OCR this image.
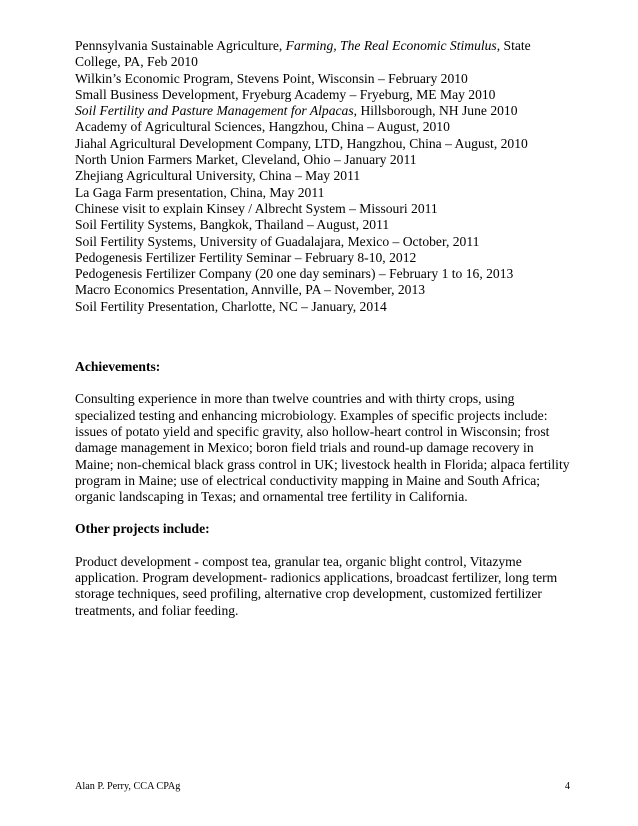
Pennsylvania Sustainable Agriculture, Farming, The Real Economic Stimulus, State College, PA, Feb 2010

Wilkin’s Economic Program, Stevens Point, Wisconsin – February 2010

Small Business Development, Fryeburg Academy – Fryeburg, ME May 2010

Soil Fertility and Pasture Management for Alpacas, Hillsborough, NH June 2010

Academy of Agricultural Sciences, Hangzhou, China – August, 2010

Jiahal Agricultural Development Company, LTD, Hangzhou, China – August, 2010

North Union Farmers Market, Cleveland, Ohio – January 2011

Zhejiang Agricultural University, China – May 2011

La Gaga Farm presentation, China, May 2011

Chinese visit to explain Kinsey / Albrecht System – Missouri 2011

Soil Fertility Systems, Bangkok, Thailand – August, 2011

Soil Fertility Systems, University of Guadalajara, Mexico – October, 2011

Pedogenesis Fertilizer Fertility Seminar – February 8-10, 2012

Pedogenesis Fertilizer Company (20 one day seminars) – February 1 to 16, 2013

Macro Economics Presentation, Annville, PA – November, 2013

Soil Fertility Presentation, Charlotte, NC – January, 2014

Achievements:

Consulting experience in more than twelve countries and with thirty crops, using specialized testing and enhancing microbiology. Examples of specific projects include: issues of potato yield and specific gravity, also hollow-heart control in Wisconsin; frost damage management in Mexico; boron field trials and round-up damage recovery in Maine; non-chemical black grass control in UK; livestock health in Florida; alpaca fertility program in Maine; use of electrical conductivity mapping in Maine and South Africa; organic landscaping in Texas; and ornamental tree fertility in California.

Other projects include:

Product development - compost tea, granular tea, organic blight control, Vitazyme application. Program development- radionics applications, broadcast fertilizer, long term storage techniques, seed profiling, alternative crop development, customized fertilizer treatments, and foliar feeding.

Alan P. Perry, CCA CPAg	4
